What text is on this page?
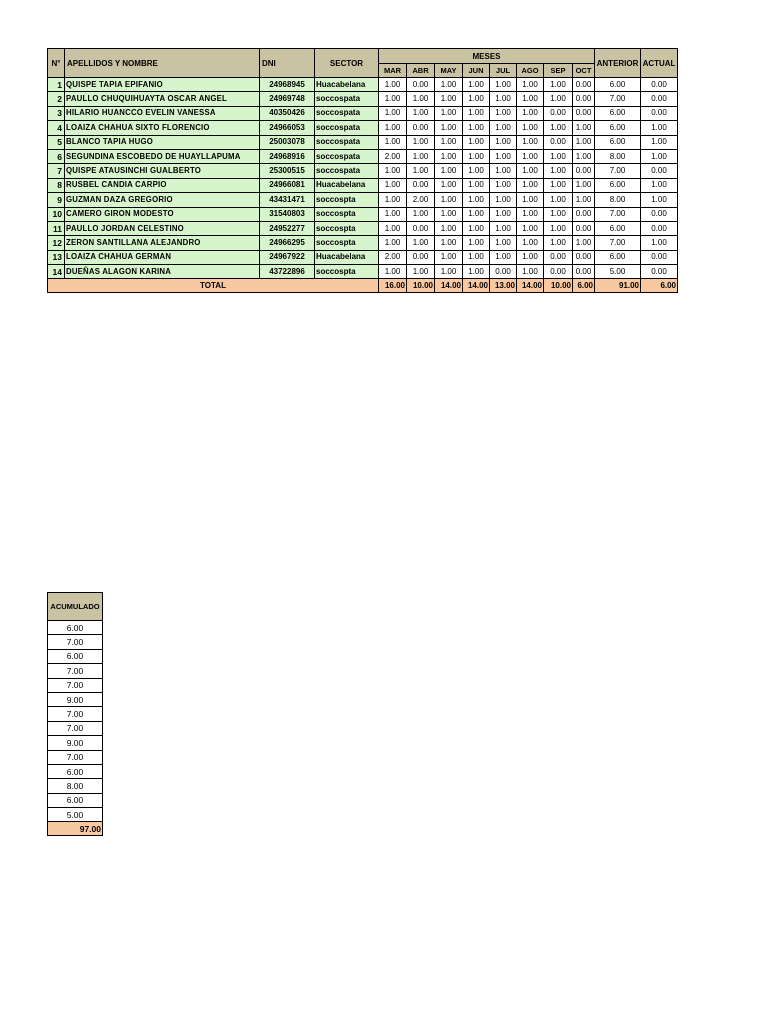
N°	APELLIDOS Y NOMBRE	DNI	SECTOR	MESES								ANTERIOR	ACTUAL
				MAR	ABR	MAY	JUN	JUL	AGO	SEP	OCT		
1	QUISPE TAPIA EPIFANIO	24968945	Huacabelana	1.00	0.00	1.00	1.00	1.00	1.00	1.00	0.00	6.00	0.00
2	PAULLO CHUQUIHUAYTA OSCAR ANGEL	24969748	soccospata	1.00	1.00	1.00	1.00	1.00	1.00	1.00	0.00	7.00	0.00
3	HILARIO HUANCCO EVELIN VANESSA	40350426	soccospata	1.00	1.00	1.00	1.00	1.00	1.00	0.00	0.00	6.00	0.00
4	LOAIZA CHAHUA SIXTO FLORENCIO	24966053	soccospata	1.00	0.00	1.00	1.00	1.00	1.00	1.00	1.00	6.00	1.00
5	BLANCO TAPIA HUGO	25003078	soccospata	1.00	1.00	1.00	1.00	1.00	1.00	0.00	1.00	6.00	1.00
6	SEGUNDINA ESCOBEDO DE HUAYLLAPUMA	24968916	soccospata	2.00	1.00	1.00	1.00	1.00	1.00	1.00	1.00	8.00	1.00
7	QUISPE ATAUSINCHI GUALBERTO	25300515	soccospata	1.00	1.00	1.00	1.00	1.00	1.00	1.00	0.00	7.00	0.00
8	RUSBEL CANDIA CARPIO	24966081	Huacabelana	1.00	0.00	1.00	1.00	1.00	1.00	1.00	1.00	6.00	1.00
9	GUZMAN DAZA GREGORIO	43431471	soccospta	1.00	2.00	1.00	1.00	1.00	1.00	1.00	1.00	8.00	1.00
10	CAMERO GIRON MODESTO	31540803	soccospta	1.00	1.00	1.00	1.00	1.00	1.00	1.00	0.00	7.00	0.00
11	PAULLO JORDAN CELESTINO	24952277	soccospta	1.00	0.00	1.00	1.00	1.00	1.00	1.00	0.00	6.00	0.00
12	ZERON SANTILLANA ALEJANDRO	24966295	soccospta	1.00	1.00	1.00	1.00	1.00	1.00	1.00	1.00	7.00	1.00
13	LOAIZA CHAHUA GERMAN	24967922	Huacabelana	2.00	0.00	1.00	1.00	1.00	1.00	0.00	0.00	6.00	0.00
14	DUEÑAS ALAGON KARINA	43722896	soccospta	1.00	1.00	1.00	1.00	0.00	1.00	0.00	0.00	5.00	0.00
TOTAL				16.00	10.00	14.00	14.00	13.00	14.00	10.00	6.00	91.00	6.00
ACUMULADO
6.00
7.00
6.00
7.00
7.00
9.00
7.00
7.00
9.00
7.00
6.00
8.00
6.00
5.00
97.00
